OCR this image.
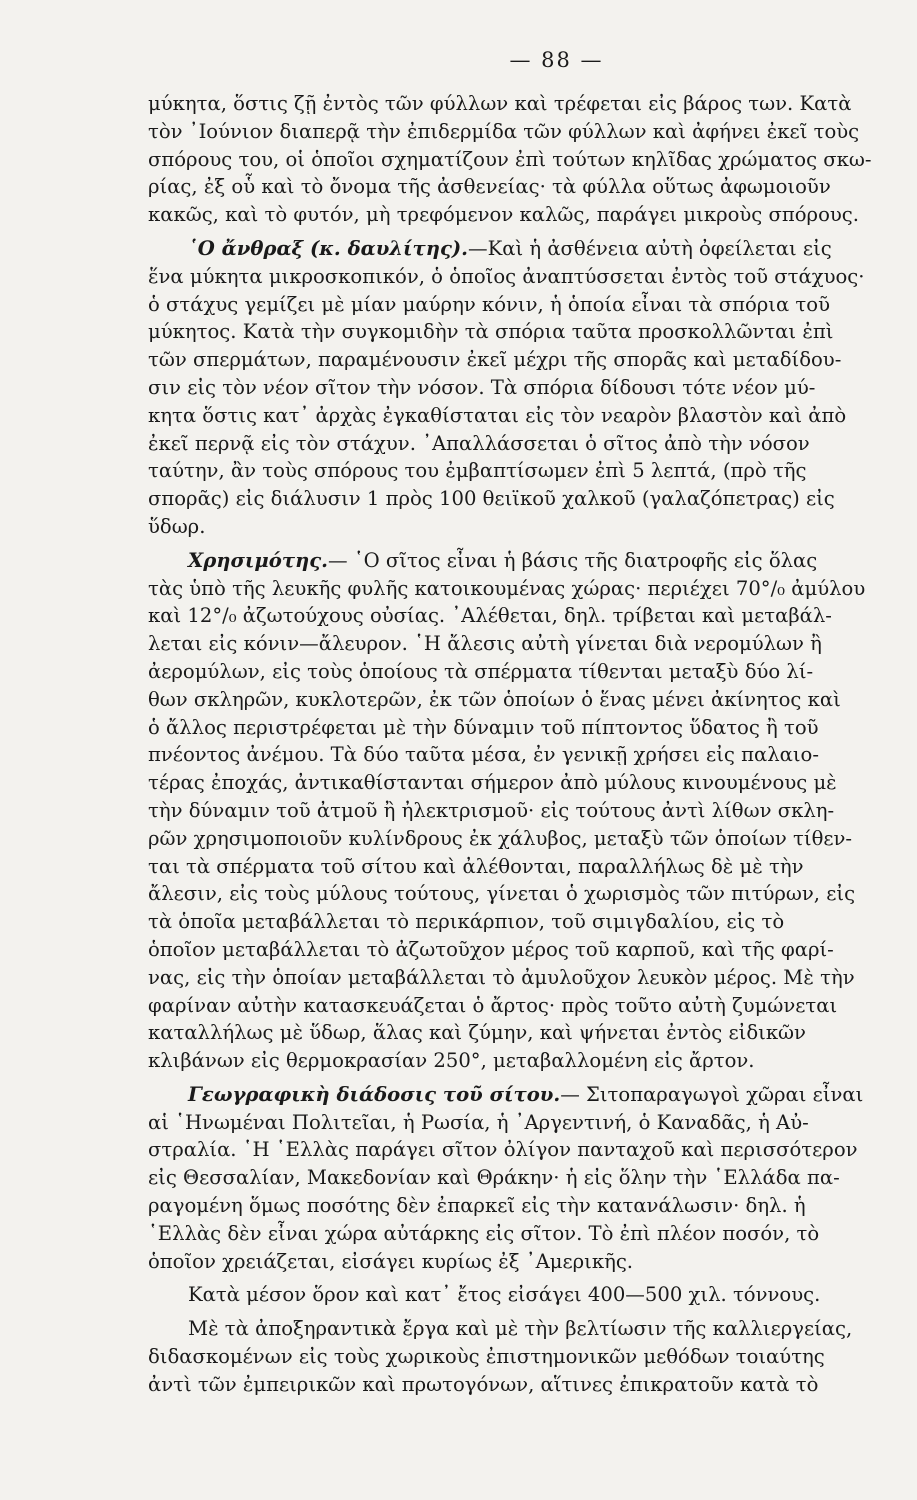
— 88 —
μύκητα, ὅστις ζῇ ἐντὸς τῶν φύλλων καὶ τρέφεται εἰς βάρος των. Κατὰ
τὸν ᾿Ιούνιον διαπερᾷ τὴν ἐπιδερμίδα τῶν φύλλων καὶ ἀφήνει ἐκεῖ τοὺς
σπόρους του, οἱ ὁποῖοι σχηματίζουν ἐπὶ τούτων κηλῖδας χρώματος σκω-
ρίας, ἐξ οὗ καὶ τὸ ὄνομα τῆς ἀσθενείας· τὰ φύλλα οὕτως ἀφωμοιοῦν
κακῶς, καὶ τὸ φυτόν, μὴ τρεφόμενον καλῶς, παράγει μικροὺς σπόρους.
῾Ο ἄνθραξ (κ. δαυλίτης).—Καὶ ἡ ἀσθένεια αὐτὴ ὀφείλεται εἰς
ἕνα μύκητα μικροσκοπικόν, ὁ ὁποῖος ἀναπτύσσεται ἐντὸς τοῦ στάχυος·
ὁ στάχυς γεμίζει μὲ μίαν μαύρην κόνιν, ἡ ὁποία εἶναι τὰ σπόρια τοῦ
μύκητος. Κατὰ τὴν συγκομιδὴν τὰ σπόρια ταῦτα προσκολλῶνται ἐπὶ
τῶν σπερμάτων, παραμένουσιν ἐκεῖ μέχρι τῆς σπορᾶς καὶ μεταδίδου-
σιν εἰς τὸν νέον σῖτον τὴν νόσον. Τὰ σπόρια δίδουσι τότε νέον μύ-
κητα ὅστις κατ᾿ ἀρχὰς ἐγκαθίσταται εἰς τὸν νεαρὸν βλαστὸν καὶ ἀπὸ
ἐκεῖ περνᾷ εἰς τὸν στάχυν. ᾿Απαλλάσσεται ὁ σῖτος ἀπὸ τὴν νόσον
ταύτην, ἂν τοὺς σπόρους του ἐμβαπτίσωμεν ἐπὶ 5 λεπτά, (πρὸ τῆς
σπορᾶς) εἰς διάλυσιν 1 πρὸς 100 θειϊκοῦ χαλκοῦ (γαλαζόπετρας) εἰς
ὕδωρ.
Χρησιμότης.— ῾Ο σῖτος εἶναι ἡ βάσις τῆς διατροφῆς εἰς ὅλας
τὰς ὑπὸ τῆς λευκῆς φυλῆς κατοικουμένας χώρας· περιέχει 70°/₀ ἀμύλου
καὶ 12°/₀ ἀζωτούχους οὐσίας. ᾿Αλέθεται, δηλ. τρίβεται καὶ μεταβάλ-
λεται εἰς κόνιν—ἄλευρον. ῾Η ἄλεσις αὐτὴ γίνεται διὰ νερομύλων ἢ
ἀερομύλων, εἰς τοὺς ὁποίους τὰ σπέρματα τίθενται μεταξὺ δύο λί-
θων σκληρῶν, κυκλοτερῶν, ἐκ τῶν ὁποίων ὁ ἕνας μένει ἀκίνητος καὶ
ὁ ἄλλος περιστρέφεται μὲ τὴν δύναμιν τοῦ πίπτοντος ὕδατος ἢ τοῦ
πνέοντος ἀνέμου. Τὰ δύο ταῦτα μέσα, ἐν γενικῇ χρήσει εἰς παλαιο-
τέρας ἐποχάς, ἀντικαθίστανται σήμερον ἀπὸ μύλους κινουμένους μὲ
τὴν δύναμιν τοῦ ἀτμοῦ ἢ ἠλεκτρισμοῦ· εἰς τούτους ἀντὶ λίθων σκλη-
ρῶν χρησιμοποιοῦν κυλίνδρους ἐκ χάλυβος, μεταξὺ τῶν ὁποίων τίθεν-
ται τὰ σπέρματα τοῦ σίτου καὶ ἀλέθονται, παραλλήλως δὲ μὲ τὴν
ἄλεσιν, εἰς τοὺς μύλους τούτους, γίνεται ὁ χωρισμὸς τῶν πιτύρων, εἰς
τὰ ὁποῖα μεταβάλλεται τὸ περικάρπιον, τοῦ σιμιγδαλίου, εἰς τὸ
ὁποῖον μεταβάλλεται τὸ ἀζωτοῦχον μέρος τοῦ καρποῦ, καὶ τῆς φαρί-
νας, εἰς τὴν ὁποίαν μεταβάλλεται τὸ ἀμυλοῦχον λευκὸν μέρος. Μὲ τὴν
φαρίναν αὐτὴν κατασκευάζεται ὁ ἄρτος· πρὸς τοῦτο αὐτὴ ζυμώνεται
καταλλήλως μὲ ὕδωρ, ἅλας καὶ ζύμην, καὶ ψήνεται ἐντὸς εἰδικῶν
κλιβάνων εἰς θερμοκρασίαν 250°, μεταβαλλομένη εἰς ἄρτον.
Γεωγραφικὴ διάδοσις τοῦ σίτου.— Σιτοπαραγωγοὶ χῶραι εἶναι
αἱ ῾Ηνωμέναι Πολιτεῖαι, ἡ Ρωσία, ἡ ᾿Αργεντινή, ὁ Καναδᾶς, ἡ Αὐ-
στραλία. ῾Η ῾Ελλὰς παράγει σῖτον ὀλίγον πανταχοῦ καὶ περισσότερον
εἰς Θεσσαλίαν, Μακεδονίαν καὶ Θράκην· ἡ εἰς ὅλην τὴν ῾Ελλάδα πα-
ραγομένη ὅμως ποσότης δὲν ἐπαρκεῖ εἰς τὴν κατανάλωσιν· δηλ. ἡ
῾Ελλὰς δὲν εἶναι χώρα αὐτάρκης εἰς σῖτον. Τὸ ἐπὶ πλέον ποσόν, τὸ
ὁποῖον χρειάζεται, εἰσάγει κυρίως ἐξ ᾿Αμερικῆς.
Κατὰ μέσον ὅρον καὶ κατ᾿ ἔτος εἰσάγει 400—500 χιλ. τόννους.
Μὲ τὰ ἀποξηραντικὰ ἔργα καὶ μὲ τὴν βελτίωσιν τῆς καλλιεργείας,
διδασκομένων εἰς τοὺς χωρικοὺς ἐπιστημονικῶν μεθόδων τοιαύτης
ἀντὶ τῶν ἐμπειρικῶν καὶ πρωτογόνων, αἵτινες ἐπικρατοῦν κατὰ τὸ
